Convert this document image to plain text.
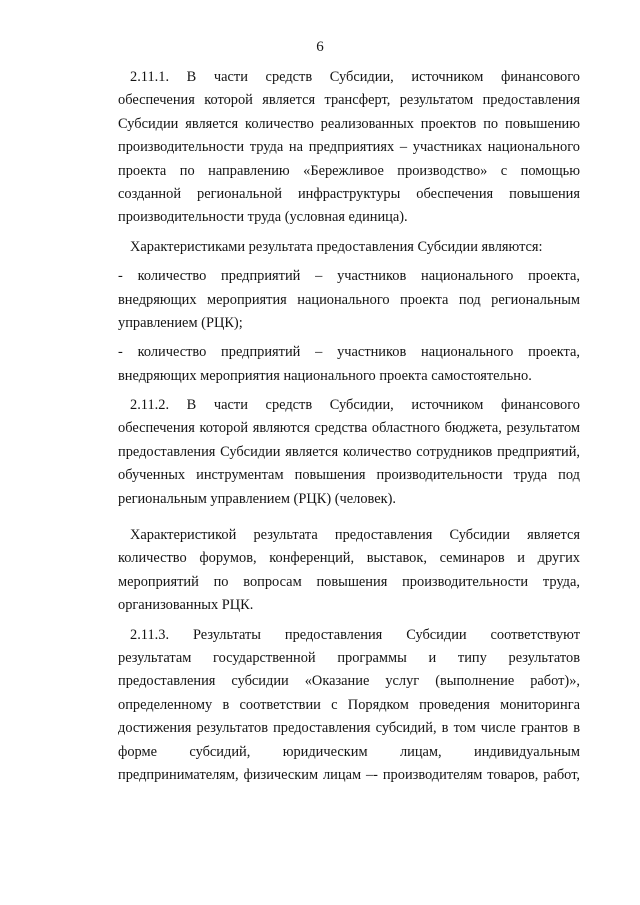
6
2.11.1. В части средств Субсидии, источником финансового
обеспечения которой является трансферт, результатом предоставления
Субсидии является количество реализованных проектов по повышению
производительности труда на предприятиях – участниках национального
проекта по направлению «Бережливое производство» с помощью
созданной региональной инфраструктуры обеспечения повышения
производительности труда (условная единица).
Характеристиками результата предоставления Субсидии являются:
- количество предприятий – участников национального проекта,
внедряющих мероприятия национального проекта под региональным
управлением (РЦК);
- количество предприятий – участников национального проекта,
внедряющих мероприятия национального проекта самостоятельно.
2.11.2. В части средств Субсидии, источником финансового
обеспечения которой являются средства областного бюджета, результатом
предоставления Субсидии является количество сотрудников предприятий,
обученных инструментам повышения производительности труда под
региональным управлением (РЦК) (человек).
Характеристикой результата предоставления Субсидии является
количество форумов, конференций, выставок, семинаров и других
мероприятий по вопросам повышения производительности труда,
организованных РЦК.
2.11.3. Результаты предоставления Субсидии соответствуют
результатам государственной программы и типу результатов
предоставления субсидии «Оказание услуг (выполнение работ)»,
определенному в соответствии с Порядком проведения мониторинга
достижения результатов предоставления субсидий, в том числе грантов в
форме субсидий, юридическим лицам, индивидуальным
предпринимателям, физическим лицам –- производителям товаров, работ,
